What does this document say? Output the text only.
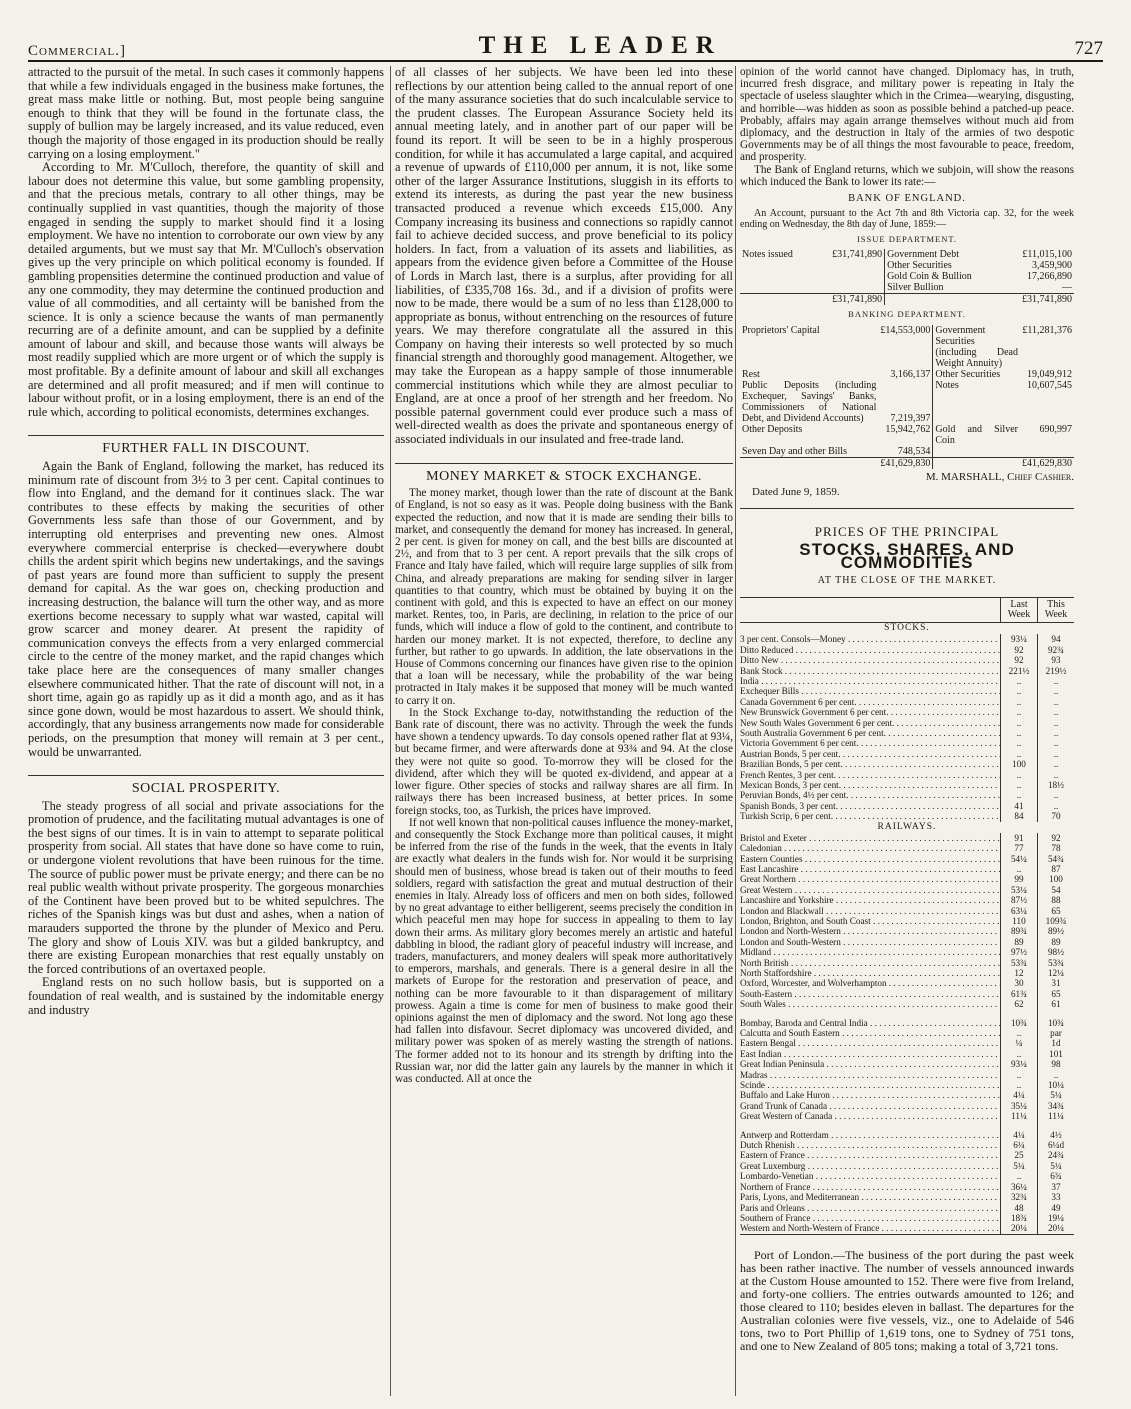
Commercial.]	THE LEADER	727

attracted to the pursuit of the metal. In such cases it commonly happens that while a few individuals engaged in the business make fortunes, the great mass make little or nothing. But, most people being sanguine enough to think that they will be found in the fortunate class, the supply of bullion may be largely increased, and its value reduced, even though the majority of those engaged in its production should be really carrying on a losing employment."

According to Mr. M'Culloch, therefore, the quantity of skill and labour does not determine this value, but some gambling propensity, and that the precious metals, contrary to all other things, may be continually supplied in vast quantities, though the majority of those engaged in sending the supply to market should find it a losing employment. We have no intention to corroborate our own view by any detailed arguments, but we must say that Mr. M'Culloch's observation gives up the very principle on which political economy is founded. If gambling propensities determine the continued production and value of any one commodity, they may determine the continued production and value of all commodities, and all certainty will be banished from the science. It is only a science because the wants of man permanently recurring are of a definite amount, and can be supplied by a definite amount of labour and skill, and because those wants will always be most readily supplied which are more urgent or of which the supply is most profitable. By a definite amount of labour and skill all exchanges are determined and all profit measured; and if men will continue to labour without profit, or in a losing employment, there is an end of the rule which, according to political economists, determines exchanges.

FURTHER FALL IN DISCOUNT.

Again the Bank of England, following the market, has reduced its minimum rate of discount from 3½ to 3 per cent. Capital continues to flow into England, and the demand for it continues slack. The war contributes to these effects by making the securities of other Governments less safe than those of our Government, and by interrupting old enterprises and preventing new ones. Almost everywhere commercial enterprise is checked—everywhere doubt chills the ardent spirit which begins new undertakings, and the savings of past years are found more than sufficient to supply the present demand for capital. As the war goes on, checking production and increasing destruction, the balance will turn the other way, and as more exertions become necessary to supply what war wasted, capital will grow scarcer and money dearer. At present the rapidity of communication conveys the effects from a very enlarged commercial circle to the centre of the money market, and the rapid changes which take place here are the consequences of many smaller changes elsewhere communicated hither. That the rate of discount will not, in a short time, again go as rapidly up as it did a month ago, and as it has since gone down, would be most hazardous to assert. We should think, accordingly, that any business arrangements now made for considerable periods, on the presumption that money will remain at 3 per cent., would be unwarranted.

SOCIAL PROSPERITY.

The steady progress of all social and private associations for the promotion of prudence, and the facilitating mutual advantages is one of the best signs of our times. It is in vain to attempt to separate political prosperity from social. All states that have done so have come to ruin, or undergone violent revolutions that have been ruinous for the time. The source of public power must be private energy; and there can be no real public wealth without private prosperity. The gorgeous monarchies of the Continent have been proved but to be whited sepulchres. The riches of the Spanish kings was but dust and ashes, when a nation of marauders supported the throne by the plunder of Mexico and Peru. The glory and show of Louis XIV. was but a gilded bankruptcy, and there are existing European monarchies that rest equally unstably on the forced contributions of an overtaxed people.

England rests on no such hollow basis, but is supported on a foundation of real wealth, and is sustained by the indomitable energy and industry

of all classes of her subjects. We have been led into these reflections by our attention being called to the annual report of one of the many assurance societies that do such incalculable service to the prudent classes. The European Assurance Society held its annual meeting lately, and in another part of our paper will be found its report. It will be seen to be in a highly prosperous condition, for while it has accumulated a large capital, and acquired a revenue of upwards of £110,000 per annum, it is not, like some other of the larger Assurance Institutions, sluggish in its efforts to extend its interests, as during the past year the new business transacted produced a revenue which exceeds £15,000. Any Company increasing its business and connections so rapidly cannot fail to achieve decided success, and prove beneficial to its policy holders. In fact, from a valuation of its assets and liabilities, as appears from the evidence given before a Committee of the House of Lords in March last, there is a surplus, after providing for all liabilities, of £335,708 16s. 3d., and if a division of profits were now to be made, there would be a sum of no less than £128,000 to appropriate as bonus, without entrenching on the resources of future years. We may therefore congratulate all the assured in this Company on having their interests so well protected by so much financial strength and thoroughly good management. Altogether, we may take the European as a happy sample of those innumerable commercial institutions which while they are almost peculiar to England, are at once a proof of her strength and her freedom. No possible paternal government could ever produce such a mass of well-directed wealth as does the private and spontaneous energy of associated individuals in our insulated and free-trade land.

MONEY MARKET & STOCK EXCHANGE.

The money market, though lower than the rate of discount at the Bank of England, is not so easy as it was. People doing business with the Bank expected the reduction, and now that it is made are sending their bills to market, and consequently the demand for money has increased. In general, 2 per cent. is given for money on call, and the best bills are discounted at 2½, and from that to 3 per cent. A report prevails that the silk crops of France and Italy have failed, which will require large supplies of silk from China, and already preparations are making for sending silver in larger quantities to that country, which must be obtained by buying it on the continent with gold, and this is expected to have an effect on our money market. Rentes, too, in Paris, are declining, in relation to the price of our funds, which will induce a flow of gold to the continent, and contribute to harden our money market. It is not expected, therefore, to decline any further, but rather to go upwards. In addition, the late observations in the House of Commons concerning our finances have given rise to the opinion that a loan will be necessary, while the probability of the war being protracted in Italy makes it be supposed that money will be much wanted to carry it on.

In the Stock Exchange to-day, notwithstanding the reduction of the Bank rate of discount, there was no activity. Through the week the funds have shown a tendency upwards. To day consols opened rather flat at 93¼, but became firmer, and were afterwards done at 93¾ and 94. At the close they were not quite so good. To-morrow they will be closed for the dividend, after which they will be quoted ex-dividend, and appear at a lower figure. Other species of stocks and railway shares are all firm. In railways there has been increased business, at better prices. In some foreign stocks, too, as Turkish, the prices have improved.

If not well known that non-political causes influence the money-market, and consequently the Stock Exchange more than political causes, it might be inferred from the rise of the funds in the week, that the events in Italy are exactly what dealers in the funds wish for. Nor would it be surprising should men of business, whose bread is taken out of their mouths to feed soldiers, regard with satisfaction the great and mutual destruction of their enemies in Italy. Already loss of officers and men on both sides, followed by no great advantage to either belligerent, seems precisely the condition in which peaceful men may hope for success in appealing to them to lay down their arms. As military glory becomes merely an artistic and hateful dabbling in blood, the radiant glory of peaceful industry will increase, and traders, manufacturers, and money dealers will speak more authoritatively to emperors, marshals, and generals. There is a general desire in all the markets of Europe for the restoration and preservation of peace, and nothing can be more favourable to it than disparagement of military prowess. Again a time is come for men of business to make good their opinions against the men of diplomacy and the sword. Not long ago these had fallen into disfavour. Secret diplomacy was uncovered divided, and military power was spoken of as merely wasting the strength of nations. The former added not to its honour and its strength by drifting into the Russian war, nor did the latter gain any laurels by the manner in which it was conducted. All at once the

opinion of the world cannot have changed. Diplomacy has, in truth, incurred fresh disgrace, and military power is repeating in Italy the spectacle of useless slaughter which in the Crimea—wearying, disgusting, and horrible—was hidden as soon as possible behind a patched-up peace. Probably, affairs may again arrange themselves without much aid from diplomacy, and the destruction in Italy of the armies of two despotic Governments may be of all things the most favourable to peace, freedom, and prosperity.

The Bank of England returns, which we subjoin, will show the reasons which induced the Bank to lower its rate:—

BANK OF ENGLAND.

An Account, pursuant to the Act 7th and 8th Victoria cap. 32, for the week ending on Wednesday, the 8th day of June, 1859:—

ISSUE DEPARTMENT.
Notes issued	£31,741,890	Government Debt	£11,015,100
		Other Securities	3,459,900
		Gold Coin & Bullion	17,266,890
		Silver Bullion	—
	£31,741,890		£31,741,890
BANKING DEPARTMENT.
Proprietors' Capital	£14,553,000	Government Securities (including Dead Weight Annuity)	£11,281,376
Rest	3,166,137	Other Securities	19,049,912
Public Deposits (including Exchequer, Savings' Banks, Commissioners of National Debt, and Dividend Accounts)	7,219,397	Notes	10,607,545
Other Deposits	15,942,762	Gold and Silver Coin	690,997
Seven Day and other Bills	748,534		
	£41,629,830		£41,629,830
M. MARSHALL, Chief Cashier.
Dated June 9, 1859.
PRICES OF THE PRINCIPAL
STOCKS, SHARES, AND COMMODITIES
AT THE CLOSE OF THE MARKET.
Last Week
This Week
STOCKS.
3 per cent. Consols—Money . . .	93¼	94
Ditto Reduced . . .	92	92¾
Ditto New . . .	92	93
Bank Stock . . .	221½	219½
India . . .	..	..
Exchequer Bills . . .	..	..
Canada Government 6 per cent. . . .	..	..
New Brunswick Government 6 per cent. . . .	..	..
New South Wales Government 6 per cent. . . .	..	..
South Australia Government 6 per cent. . . .	..	..
Victoria Government 6 per cent. . . .	..	..
Austrian Bonds, 5 per cent. . . .	..	..
Brazilian Bonds, 5 per cent. . . .	100	..
French Rentes, 3 per cent. . . .	..	..
Mexican Bonds, 3 per cent. . . .	..	18½
Peruvian Bonds, 4½ per cent. . . .	..	..
Spanish Bonds, 3 per cent. . . .	41	..
Turkish Scrip, 6 per cent. . . .	84	70
RAILWAYS.
Bristol and Exeter . . .	91	92
Caledonian . . .	77	78
Eastern Counties . . .	54¼	54¾
East Lancashire . . .	..	87
Great Northern . . .	99	100
Great Western . . .	53¼	54
Lancashire and Yorkshire . . .	87½	88
London and Blackwall . . .	63¼	65
London, Brighton, and South Coast . . .	110	109¾
London and North-Western . . .	89¾	89½
London and South-Western . . .	89	89
Midland . . .	97½	98½
North British . . .	53¾	53¾
North Staffordshire . . .	12	12¼
Oxford, Worcester, and Wolverhampton . . .	30	31
South-Eastern . . .	61¾	65
South Wales . . .	62	61
Bombay, Baroda and Central India . . .	10¾	10¾
Calcutta and South Eastern . . .	..	par
Eastern Bengal . . .	¼	1d
East Indian . . .	..	101
Great Indian Peninsula . . .	93¼	98
Madras . . .	..	..
Scinde . . .	..	10¼
Buffalo and Lake Huron . . .	4¼	5¼
Grand Trunk of Canada . . .	35¼	34¾
Great Western of Canada . . .	11¼	11¼
Antwerp and Rotterdam . . .	4¼	4½
Dutch Rhenish . . .	6¼	6¼d
Eastern of France . . .	25	24¾
Great Luxemburg . . .	5¼	5¼
Lombardo-Venetian . . .	..	6¾
Northern of France . . .	36¼	37
Paris, Lyons, and Mediterranean . . .	32¾	33
Paris and Orleans . . .	48	49
Southern of France . . .	18¾	19¼
Western and North-Western of France . . .	20¼	20¼

Port of London.—The business of the port during the past week has been rather inactive. The number of vessels announced inwards at the Custom House amounted to 152. There were five from Ireland, and forty-one colliers. The entries outwards amounted to 126; and those cleared to 110; besides eleven in ballast. The departures for the Australian colonies were five vessels, viz., one to Adelaide of 546 tons, two to Port Phillip of 1,619 tons, one to Sydney of 751 tons, and one to New Zealand of 805 tons; making a total of 3,721 tons.
